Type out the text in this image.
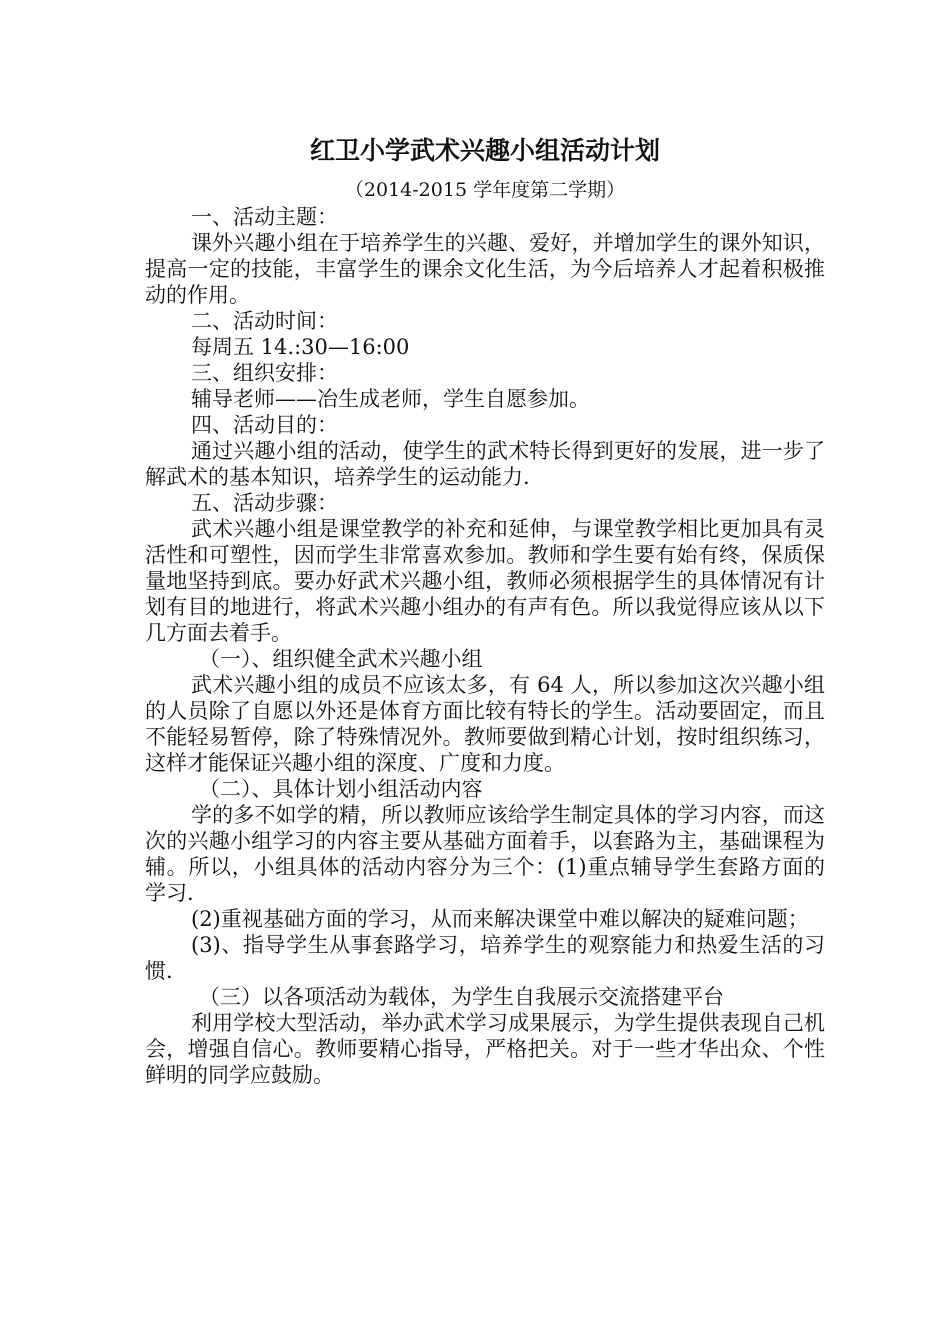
红卫小学武术兴趣小组活动计划
（2014-2015 学年度第二学期）

一、活动主题：

课外兴趣小组在于培养学生的兴趣、爱好，并增加学生的课外知识，提高一定的技能，丰富学生的课余文化生活，为今后培养人才起着积极推动的作用。

二、活动时间：

每周五 14.:30—16:00

三、组织安排：

辅导老师——冶生成老师，学生自愿参加。

四、活动目的：

通过兴趣小组的活动，使学生的武术特长得到更好的发展，进一步了解武术的基本知识，培养学生的运动能力.

五、活动步骤：

武术兴趣小组是课堂教学的补充和延伸，与课堂教学相比更加具有灵活性和可塑性，因而学生非常喜欢参加。教师和学生要有始有终，保质保量地坚持到底。要办好武术兴趣小组，教师必须根据学生的具体情况有计划有目的地进行，将武术兴趣小组办的有声有色。所以我觉得应该从以下几方面去着手。

（一）、组织健全武术兴趣小组

武术兴趣小组的成员不应该太多，有 64 人，所以参加这次兴趣小组的人员除了自愿以外还是体育方面比较有特长的学生。活动要固定，而且不能轻易暂停，除了特殊情况外。教师要做到精心计划，按时组织练习，这样才能保证兴趣小组的深度、广度和力度。

（二）、具体计划小组活动内容

学的多不如学的精，所以教师应该给学生制定具体的学习内容，而这次的兴趣小组学习的内容主要从基础方面着手，以套路为主，基础课程为辅。所以，小组具体的活动内容分为三个：(1)重点辅导学生套路方面的学习.

(2)重视基础方面的学习，从而来解决课堂中难以解决的疑难问题；

(3)、指导学生从事套路学习，培养学生的观察能力和热爱生活的习惯.

（三）以各项活动为载体，为学生自我展示交流搭建平台

利用学校大型活动，举办武术学习成果展示，为学生提供表现自己机会，增强自信心。教师要精心指导，严格把关。对于一些才华出众、个性鲜明的同学应鼓励。
